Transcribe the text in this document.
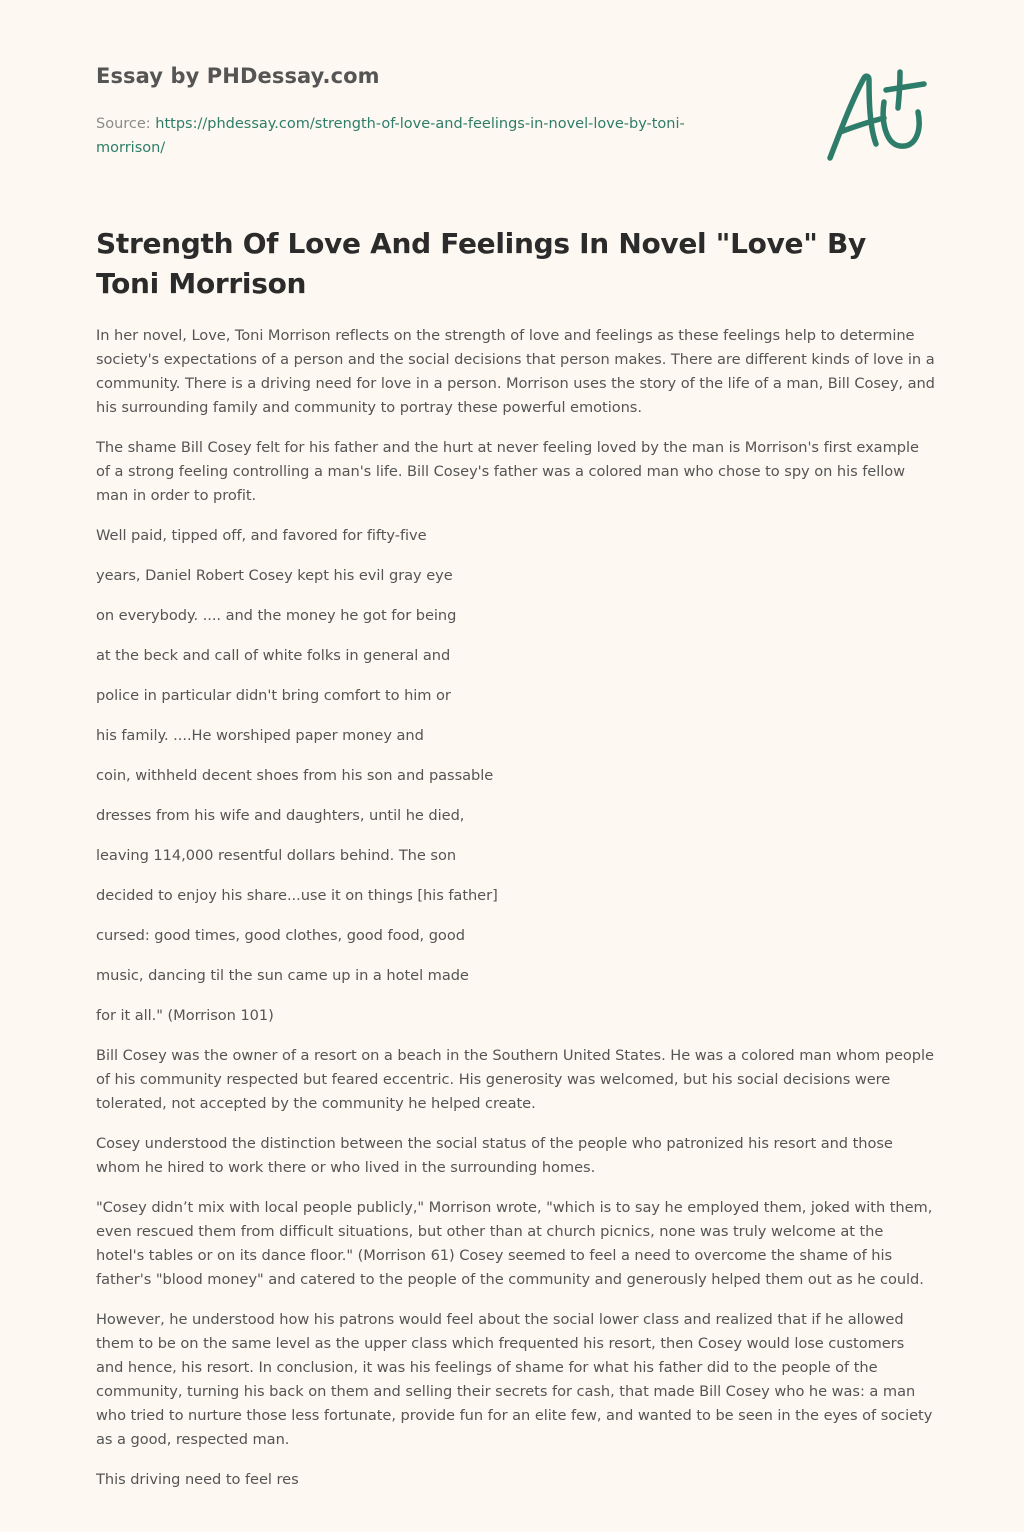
Essay by PHDessay.com
Source: https://phdessay.com/strength-of-love-and-feelings-in-novel-love-by-toni-morrison/
Strength Of Love And Feelings In Novel "Love" By Toni Morrison

In her novel, Love, Toni Morrison reflects on the strength of love and feelings as these feelings help to determine society's expectations of a person and the social decisions that person makes. There are different kinds of love in a community. There is a driving need for love in a person. Morrison uses the story of the life of a man, Bill Cosey, and his surrounding family and community to portray these powerful emotions.

The shame Bill Cosey felt for his father and the hurt at never feeling loved by the man is Morrison's first example of a strong feeling controlling a man's life. Bill Cosey's father was a colored man who chose to spy on his fellow man in order to profit.

Well paid, tipped off, and favored for fifty-five
years, Daniel Robert Cosey kept his evil gray eye
on everybody. .... and the money he got for being
at the beck and call of white folks in general and
police in particular didn't bring comfort to him or
his family. ....He worshiped paper money and
coin, withheld decent shoes from his son and passable
dresses from his wife and daughters, until he died,
leaving 114,000 resentful dollars behind. The son
decided to enjoy his share...use it on things [his father]
cursed: good times, good clothes, good food, good
music, dancing til the sun came up in a hotel made
for it all." (Morrison 101)

Bill Cosey was the owner of a resort on a beach in the Southern United States. He was a colored man whom people of his community respected but feared eccentric. His generosity was welcomed, but his social decisions were tolerated, not accepted by the community he helped create.

Cosey understood the distinction between the social status of the people who patronized his resort and those whom he hired to work there or who lived in the surrounding homes.

"Cosey didn’t mix with local people publicly," Morrison wrote, "which is to say he employed them, joked with them, even rescued them from difficult situations, but other than at church picnics, none was truly welcome at the hotel's tables or on its dance floor." (Morrison 61) Cosey seemed to feel a need to overcome the shame of his father's "blood money" and catered to the people of the community and generously helped them out as he could.

However, he understood how his patrons would feel about the social lower class and realized that if he allowed them to be on the same level as the upper class which frequented his resort, then Cosey would lose customers and hence, his resort. In conclusion, it was his feelings of shame for what his father did to the people of the community, turning his back on them and selling their secrets for cash, that made Bill Cosey who he was: a man who tried to nurture those less fortunate, provide fun for an elite few, and wanted to be seen in the eyes of society as a good, respected man.

This driving need to feel res
